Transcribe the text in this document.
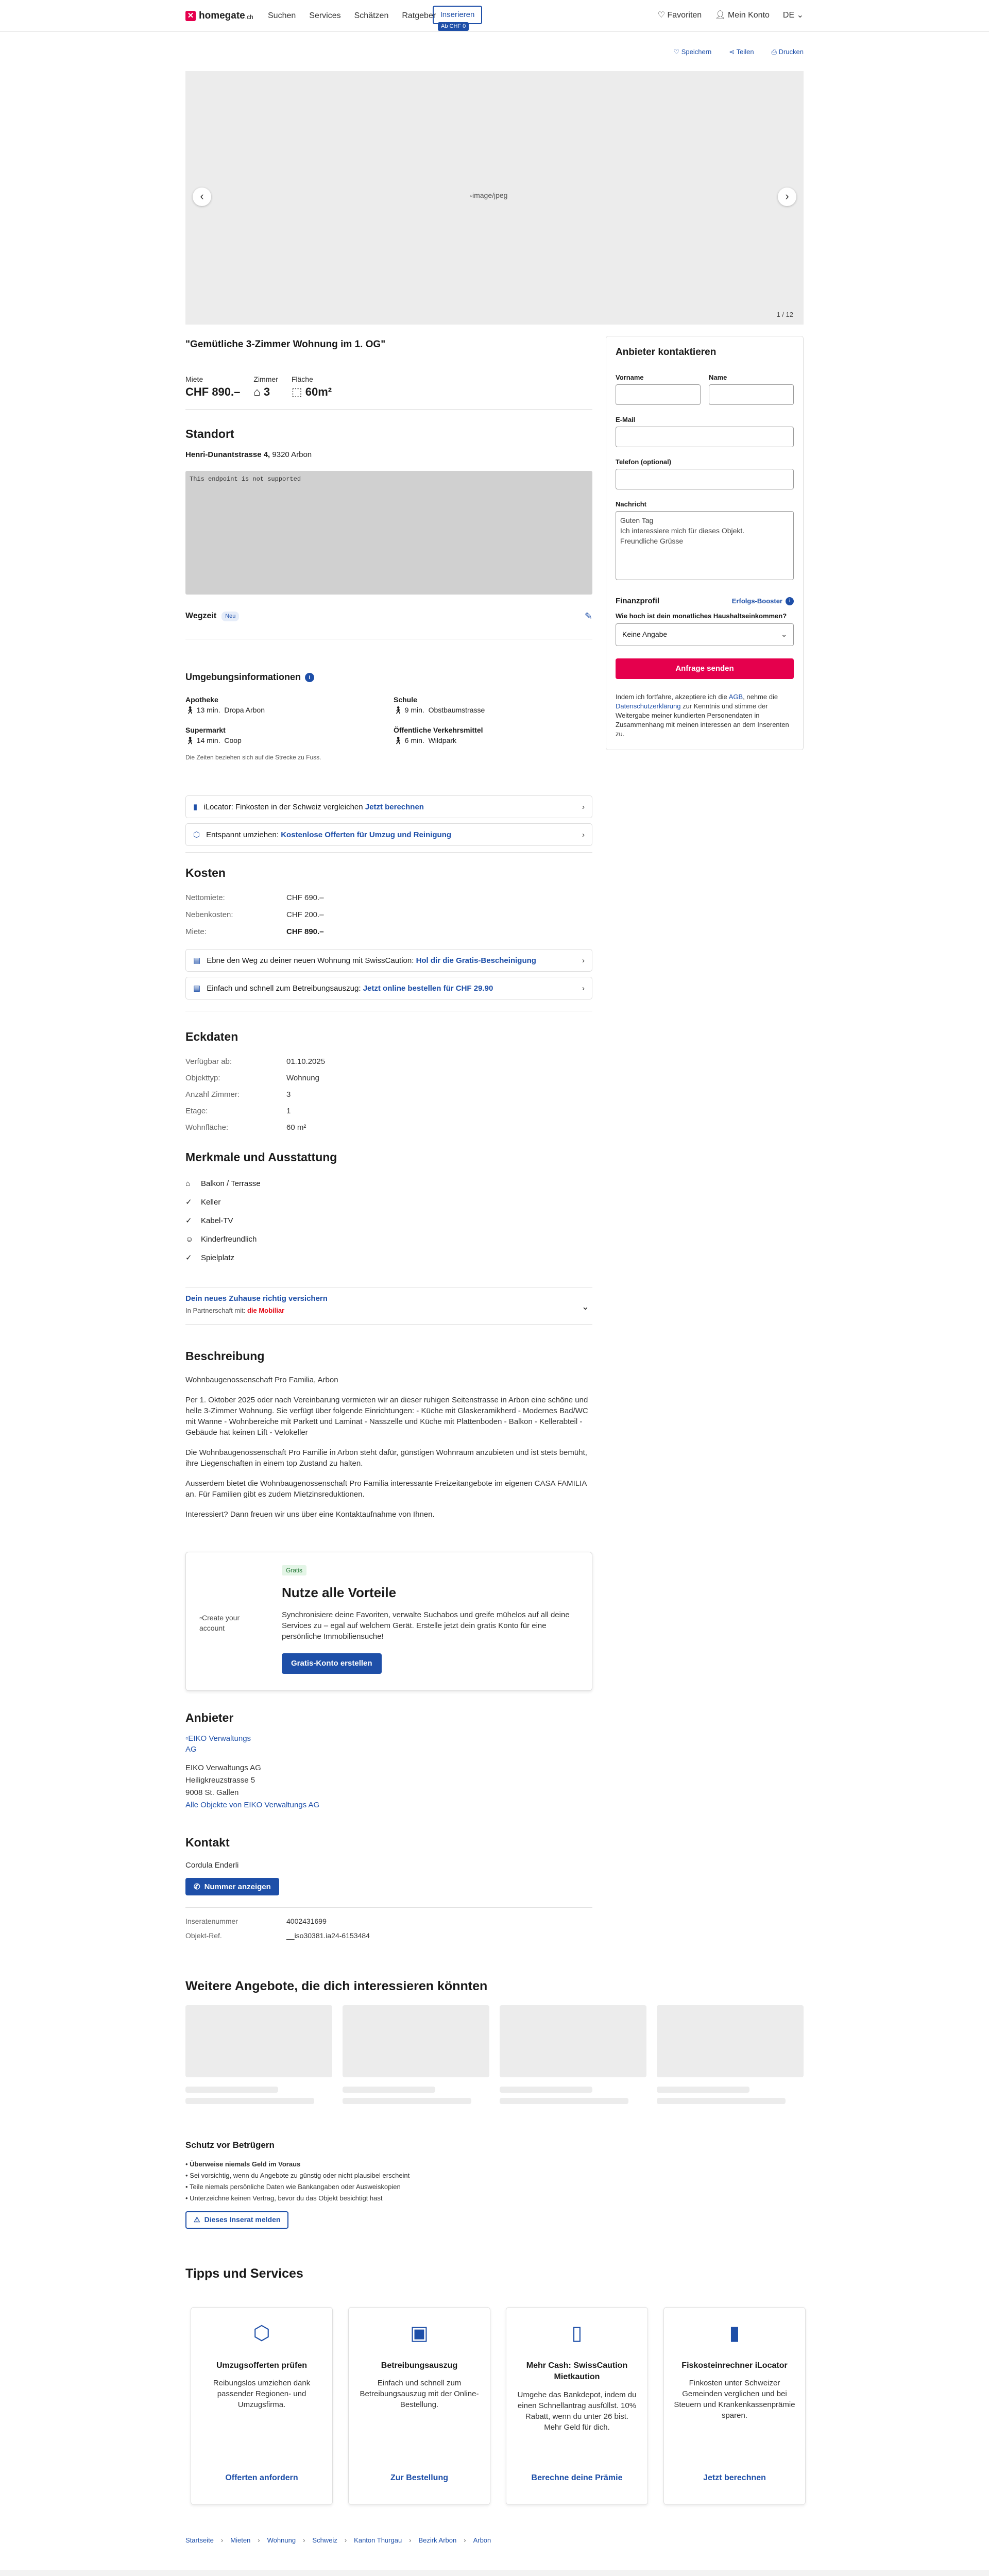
✕ homegate .ch Suchen Services Schätzen Ratgeber Inserieren
Ab CHF 0
♡ Favoriten 👤︎ Mein Konto DE ⌄
♡ Speichern	⋖ Teilen	⎙ Drucken
▫image/jpeg
‹	›
1 / 12
"Gemütliche 3-Zimmer Wohnung im 1. OG"
Miete
CHF 890.–
Zimmer
⌂ 3
Fläche
⬚ 60m²
Standort
Henri-Dunantstrasse 4, 9320 Arbon
This endpoint is not supported
Wegzeit	Neu	✎
Umgebungsinformationen	i
Apotheke
🚶︎ 13 min. Dropa Arbon
Schule
🚶︎ 9 min. Obstbaumstrasse
Supermarkt
🚶︎ 14 min. Coop
Öffentliche Verkehrsmittel
🚶︎ 6 min. Wildpark
Die Zeiten beziehen sich auf die Strecke zu Fuss.
▮ iLocator: Finkosten in der Schweiz vergleichen Jetzt berechnen	›
⬡ Entspannt umziehen: Kostenlose Offerten für Umzug und Reinigung	›
Kosten
Nettomiete:	CHF 690.–
Nebenkosten:	CHF 200.–
Miete:	CHF 890.–
▤ Ebne den Weg zu deiner neuen Wohnung mit SwissCaution: Hol dir die Gratis-Bescheinigung	›
▤ Einfach und schnell zum Betreibungsauszug: Jetzt online bestellen für CHF 29.90	›
Eckdaten
Verfügbar ab:	01.10.2025
Objekttyp:	Wohnung
Anzahl Zimmer:	3
Etage:	1
Wohnfläche:	60 m²
Merkmale und Ausstattung
⌂ Balkon / Terrasse
✓ Keller
✓ Kabel-TV
☺ Kinderfreundlich
✓ Spielplatz
Dein neues Zuhause richtig versichern
In Partnerschaft mit: die Mobiliar	⌄
Beschreibung

Wohnbaugenossenschaft Pro Familia, Arbon

Per 1. Oktober 2025 oder nach Vereinbarung vermieten wir an dieser ruhigen Seitenstrasse in Arbon eine schöne und helle 3-Zimmer Wohnung. Sie verfügt über folgende Einrichtungen: - Küche mit Glaskeramikherd - Modernes Bad/WC mit Wanne - Wohnbereiche mit Parkett und Laminat - Nasszelle und Küche mit Plattenboden - Balkon - Kellerabteil - Gebäude hat keinen Lift - Velokeller

Die Wohnbaugenossenschaft Pro Familie in Arbon steht dafür, günstigen Wohnraum anzubieten und ist stets bemüht, ihre Liegenschaften in einem top Zustand zu halten.

Ausserdem bietet die Wohnbaugenossenschaft Pro Familia interessante Freizeitangebote im eigenen CASA FAMILIA an. Für Familien gibt es zudem Mietzinsreduktionen.

Interessiert? Dann freuen wir uns über eine Kontaktaufnahme von Ihnen.

▫Create your account
Gratis
Nutze alle Vorteile
Synchronisiere deine Favoriten, verwalte Suchabos und greife mühelos auf all deine Services zu – egal auf welchem Gerät. Erstelle jetzt dein gratis Konto für eine persönliche Immobiliensuche!
Gratis-Konto erstellen
Anbieter
▫EIKO Verwaltungs AG
EIKO Verwaltungs AG
Heiligkreuzstrasse 5
9008 St. Gallen
Alle Objekte von EIKO Verwaltungs AG
Kontakt
Cordula Enderli
✆ Nummer anzeigen
Inseratenummer	4002431699
Objekt-Ref.	__iso30381.ia24-6153484
Anbieter kontaktieren
Vorname	Name
E-Mail
Telefon (optional)
Nachricht
Guten Tag
Ich interessiere mich für dieses Objekt.
Freundliche Grüsse
Finanzprofil	Erfolgs-Booster	i
Wie hoch ist dein monatliches Haushaltseinkommen?
Keine Angabe	⌄
Anfrage senden
Indem ich fortfahre, akzeptiere ich die AGB, nehme die Datenschutzerklärung zur Kenntnis und stimme der Weitergabe meiner kundierten Personendaten in Zusammenhang mit meinen interessen an dem Inserenten zu.
Weitere Angebote, die dich interessieren könnten
Schutz vor Betrügern
• Überweise niemals Geld im Voraus
• Sei vorsichtig, wenn du Angebote zu günstig oder nicht plausibel erscheint
• Teile niemals persönliche Daten wie Bankangaben oder Ausweiskopien
• Unterzeichne keinen Vertrag, bevor du das Objekt besichtigt hast
⚠ Dieses Inserat melden
Tipps und Services
⬡
Umzugsofferten prüfen

Reibungslos umziehen dank passender Regionen- und Umzugsfirma.

Offerten anfordern
▣
Betreibungsauszug

Einfach und schnell zum Betreibungsauszug mit der Online-Bestellung.

Zur Bestellung
▯
Mehr Cash: SwissCaution Mietkaution

Umgehe das Bankdepot, indem du einen Schnellantrag ausfüllst. 10% Rabatt, wenn du unter 26 bist. Mehr Geld für dich.

Berechne deine Prämie
▮
Fiskosteinrechner iLocator

Finkosten unter Schweizer Gemeinden verglichen und bei Steuern und Krankenkassenprämie sparen.

Jetzt berechnen
Startseite › Mieten › Wohnung › Schweiz › Kanton Thurgau › Bezirk Arbon › Arbon
